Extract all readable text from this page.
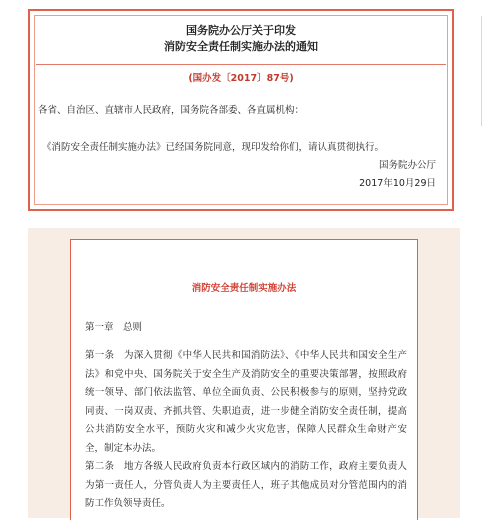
国务院办公厅关于印发
消防安全责任制实施办法的通知
(国办发〔2017〕87号)
各省、自治区、直辖市人民政府，国务院各部委、各直属机构：
《消防安全责任制实施办法》已经国务院同意，现印发给你们，请认真贯彻执行。
国务院办公厅
2017年10月29日
消防安全责任制实施办法
第一章　总则
第一条　为深入贯彻《中华人民共和国消防法》、《中华人民共和国安全生产法》和党中央、国务院关于安全生产及消防安全的重要决策部署，按照政府统一领导、部门依法监管、单位全面负责、公民积极参与的原则，坚持党政同责、一岗双责、齐抓共管、失职追责，进一步健全消防安全责任制，提高公共消防安全水平，预防火灾和减少火灾危害，保障人民群众生命财产安全，制定本办法。
第二条　地方各级人民政府负责本行政区域内的消防工作，政府主要负责人为第一责任人，分管负责人为主要责任人，班子其他成员对分管范围内的消防工作负领导责任。
